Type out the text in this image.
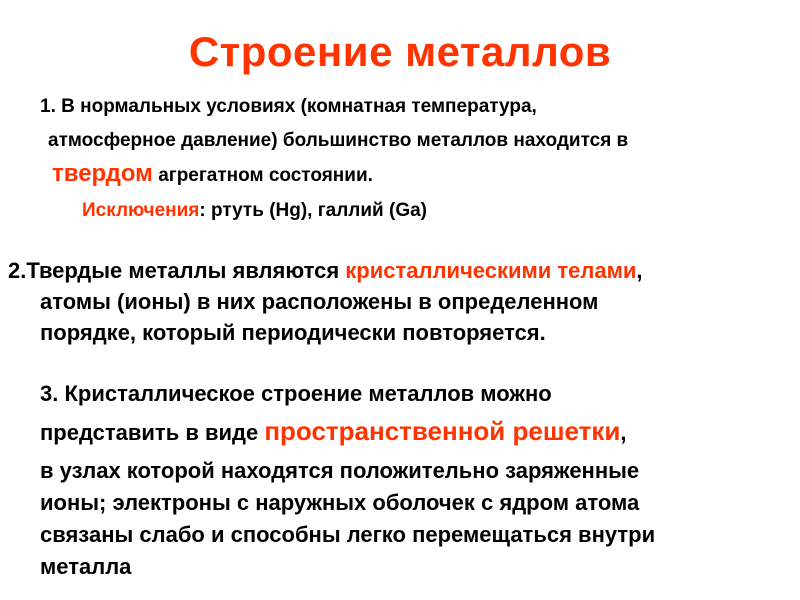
Строение металлов
1. В нормальных условиях (комнатная температура,
атмосферное давление) большинство металлов находится в
твердом агрегатном состоянии.
Исключения: ртуть (Hg), галлий (Ga)
2.Твердые металлы являются кристаллическими телами,
атомы (ионы) в них расположены в определенном
порядке, который периодически повторяется.
3. Кристаллическое строение металлов можно
представить в виде пространственной решетки,
в узлах которой находятся положительно заряженные
ионы; электроны с наружных оболочек с ядром атома
связаны слабо и способны легко перемещаться внутри
металла
